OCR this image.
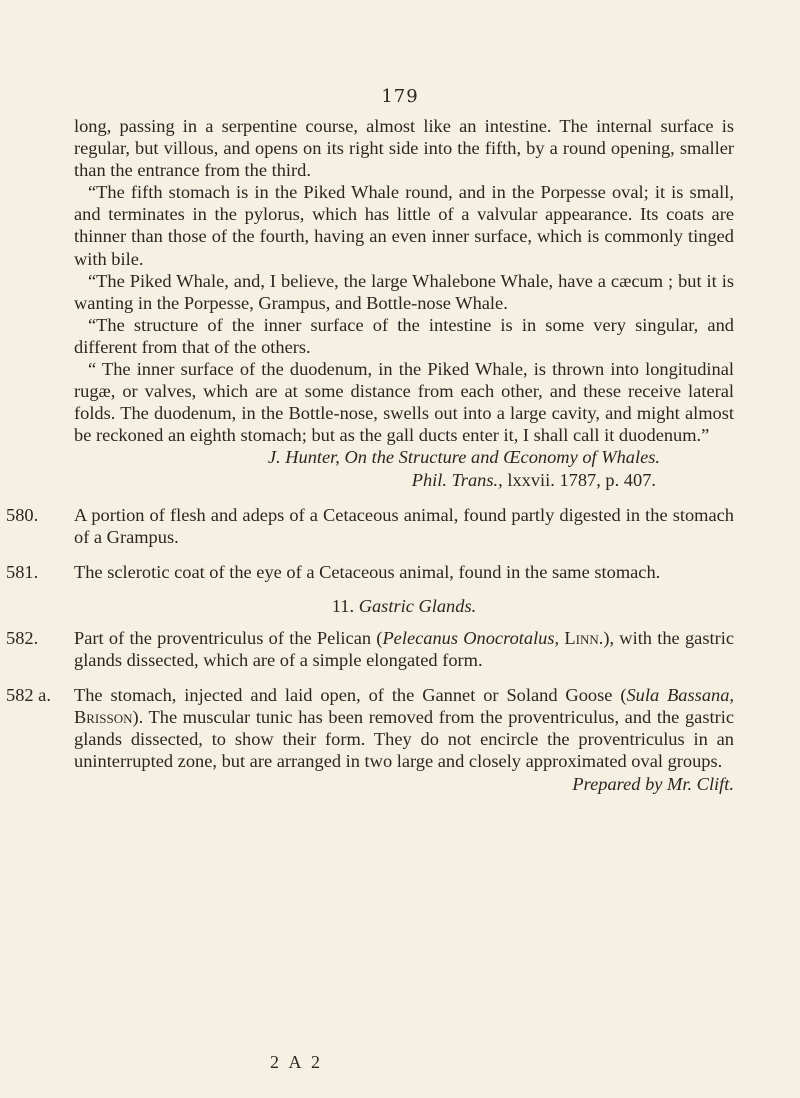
179

long, passing in a serpentine course, almost like an intestine. The internal surface is regular, but villous, and opens on its right side into the fifth, by a round opening, smaller than the entrance from the third.

“The fifth stomach is in the Piked Whale round, and in the Porpesse oval; it is small, and terminates in the pylorus, which has little of a valvular appearance. Its coats are thinner than those of the fourth, having an even inner surface, which is commonly tinged with bile.

“The Piked Whale, and, I believe, the large Whalebone Whale, have a cæcum ; but it is wanting in the Porpesse, Grampus, and Bottle-nose Whale.

“The structure of the inner surface of the intestine is in some very singular, and different from that of the others.

“ The inner surface of the duodenum, in the Piked Whale, is thrown into longitudinal rugæ, or valves, which are at some distance from each other, and these receive lateral folds. The duodenum, in the Bottle-nose, swells out into a large cavity, and might almost be reckoned an eighth stomach; but as the gall ducts enter it, I shall call it duodenum.”

J. Hunter, On the Structure and Œconomy of Whales.

Phil. Trans., lxxvii. 1787, p. 407.

580. A portion of flesh and adeps of a Cetaceous animal, found partly digested in the stomach of a Grampus.

581. The sclerotic coat of the eye of a Cetaceous animal, found in the same stomach.

11. Gastric Glands.
582. Part of the proventriculus of the Pelican (Pelecanus Onocrotalus, Linn.), with the gastric glands dissected, which are of a simple elongated form.

582 a. The stomach, injected and laid open, of the Gannet or Soland Goose (Sula Bassana, Brisson). The muscular tunic has been removed from the proventriculus, and the gastric glands dissected, to show their form. They do not encircle the proventriculus in an uninterrupted zone, but are arranged in two large and closely approximated oval groups.

Prepared by Mr. Clift.

2 A 2
